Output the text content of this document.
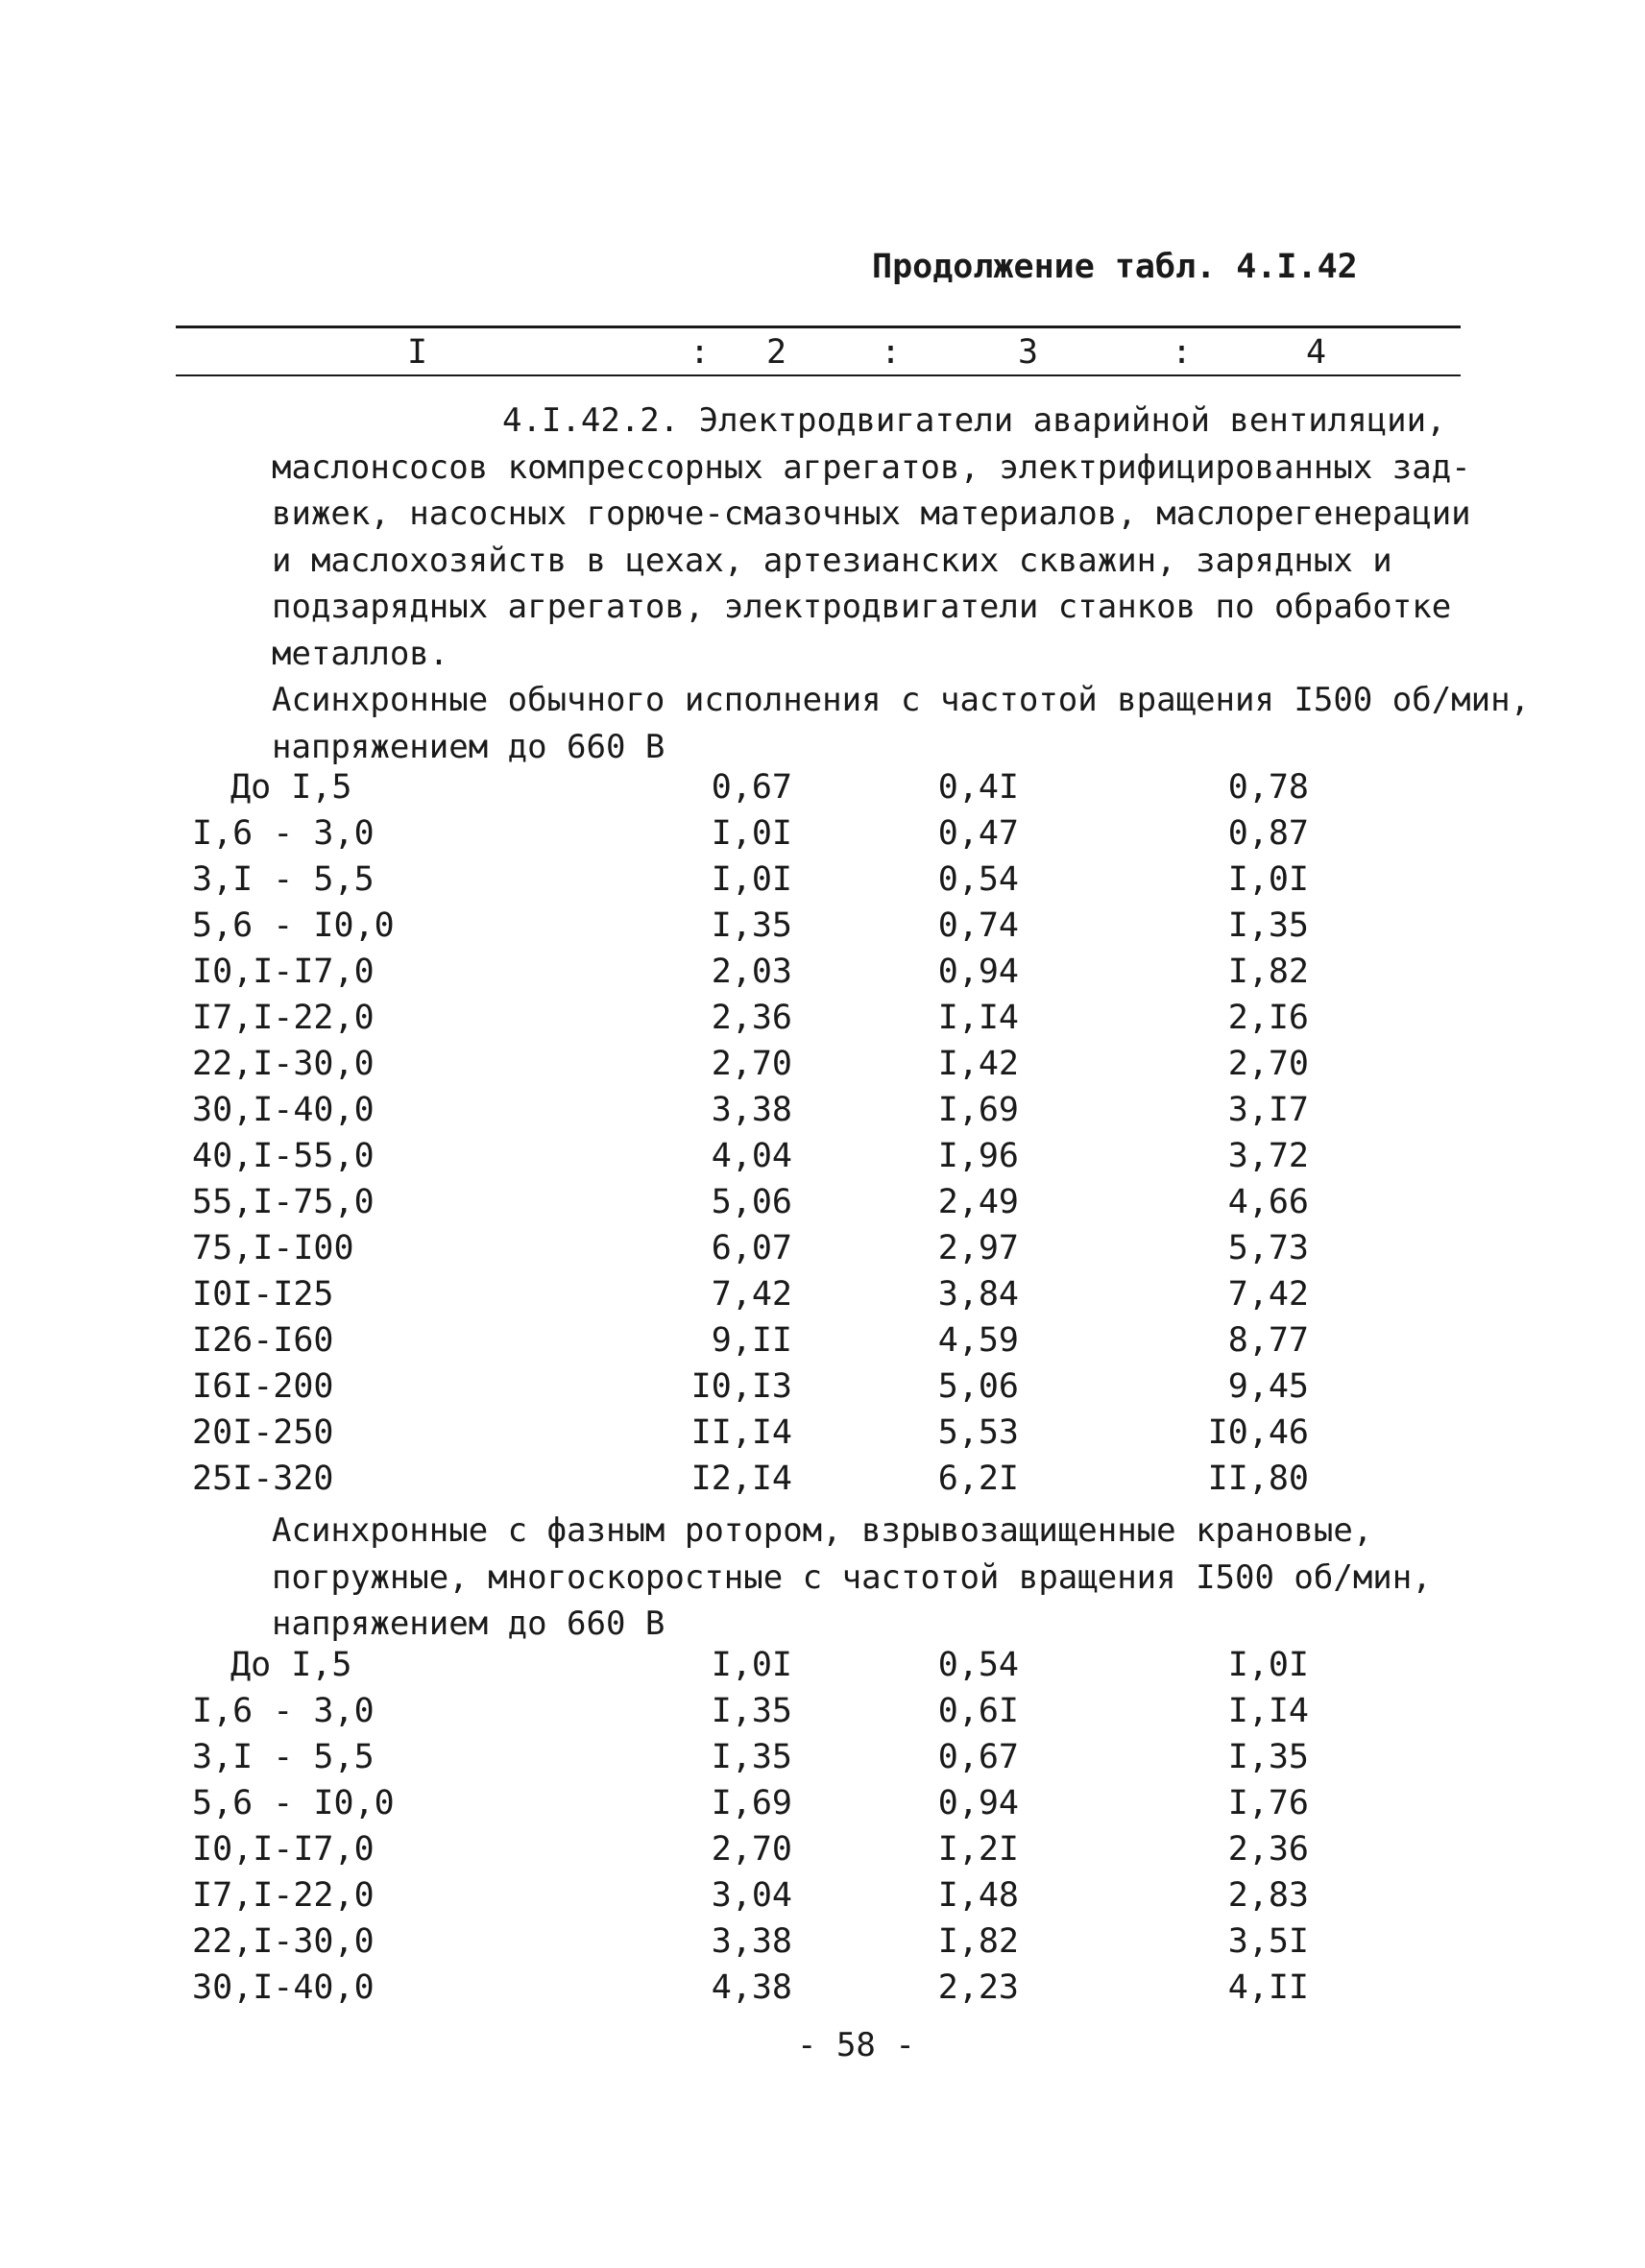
Продолжение табл. 4.I.42
I	: 2	:	3	:	4
4.I.42.2. Электродвигатели аварийной вентиляции,
маслонсосов компрессорных агрегатов, электрифицированных зад-
вижек, насосных горюче-смазочных материалов, маслорегенерации
и маслохозяйств в цехах, артезианских скважин, зарядных и
подзарядных агрегатов, электродвигатели станков по обработке
металлов.
Асинхронные обычного исполнения с частотой вращения I500 об/мин,
напряжением до 660 В
До I,5	0,67	0,4I	0,78
I,6 - 3,0	I,0I	0,47	0,87
3,I - 5,5	I,0I	0,54	I,0I
5,6 - I0,0	I,35	0,74	I,35
I0,I-I7,0	2,03	0,94	I,82
I7,I-22,0	2,36	I,I4	2,I6
22,I-30,0	2,70	I,42	2,70
30,I-40,0	3,38	I,69	3,I7
40,I-55,0	4,04	I,96	3,72
55,I-75,0	5,06	2,49	4,66
75,I-I00	6,07	2,97	5,73
I0I-I25	7,42	3,84	7,42
I26-I60	9,II	4,59	8,77
I6I-200	I0,I3	5,06	9,45
20I-250	II,I4	5,53	I0,46
25I-320	I2,I4	6,2I	II,80
Асинхронные с фазным ротором, взрывозащищенные крановые,
погружные, многоскоростные с частотой вращения I500 об/мин,
напряжением до 660 В
До I,5	I,0I	0,54	I,0I
I,6 - 3,0	I,35	0,6I	I,I4
3,I - 5,5	I,35	0,67	I,35
5,6 - I0,0	I,69	0,94	I,76
I0,I-I7,0	2,70	I,2I	2,36
I7,I-22,0	3,04	I,48	2,83
22,I-30,0	3,38	I,82	3,5I
30,I-40,0	4,38	2,23	4,II
- 58 -
